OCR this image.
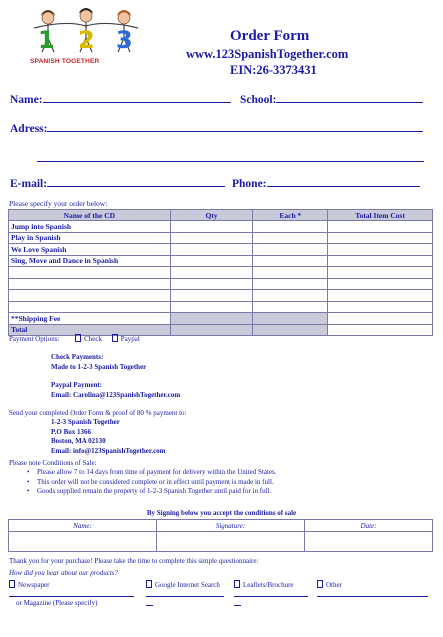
1 2 3
SPANISH TOGETHER
Order Form
www.123SpanishTogether.com
EIN:26-3373431
Name:	School:
Adress:
E-mail:	Phone:
Please specify your order below:
Name of the CD	Qty	Each *	Total Item Cost
Jump into Spanish			
Play in Spanish			
We Love Spanish			
Sing, Move and Dance in Spanish			

**Shipping Fee			
Total			
Payment Options:	Check	Paypal
Check Payments:
Made to 1-2-3 Spanish Together
Paypal Payment:
Email: Carolina@123SpanishTogether.com
Send your completed Order Form & proof of 80 % payment to:
1-2-3 Spanish Together
P.O Box 1366
Boston, MA 02130
Email: info@123SpanishTogether.com
Please note Conditions of Sale:
• Please allow 7 to 14 days from time of payment for delivery within the United States.
• This order will not be considered complete or in effect until payment is made in full.
• Goods supplied remain the property of 1-2-3 Spanish Together until paid for in full.
By Signing below you accept the conditions of sale
Name:	Signature:	Date:

Thank you for your purchase! Please take the time to complete this simple questionnaire:
How did you hear about our products?
Newspaper	Google Internet Search	Leaflets/Brochure	Other
or Magazine (Please specify)
